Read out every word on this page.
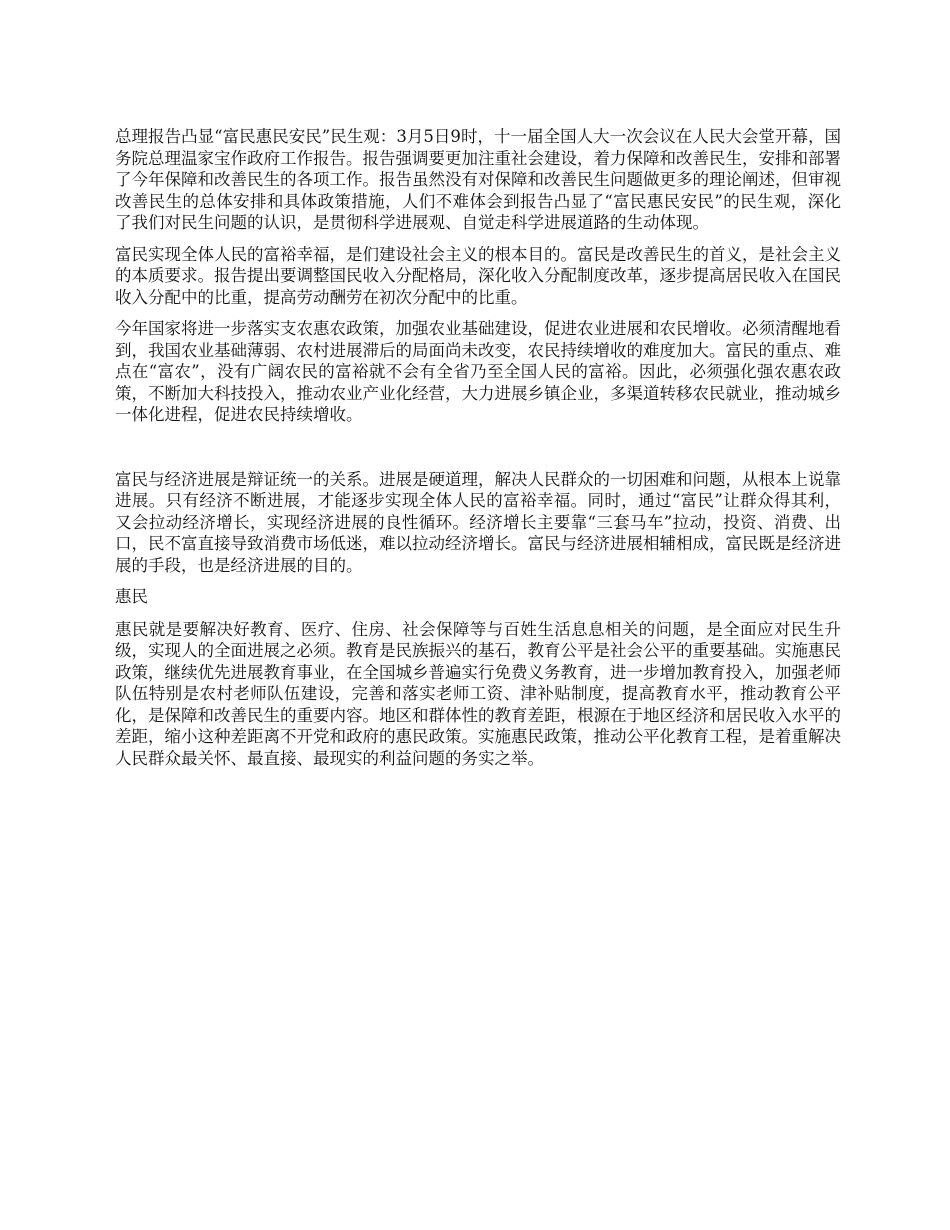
总理报告凸显“富民惠民安民”民生观：3月5日9时，十一届全国人大一次会议在人民大会堂开幕，国务院总理温家宝作政府工作报告。报告强调要更加注重社会建设，着力保障和改善民生，安排和部署了今年保障和改善民生的各项工作。报告虽然没有对保障和改善民生问题做更多的理论阐述，但审视改善民生的总体安排和具体政策措施，人们不难体会到报告凸显了“富民惠民安民”的民生观，深化了我们对民生问题的认识，是贯彻科学进展观、自觉走科学进展道路的生动体现。

富民实现全体人民的富裕幸福，是们建设社会主义的根本目的。富民是改善民生的首义，是社会主义的本质要求。报告提出要调整国民收入分配格局，深化收入分配制度改革，逐步提高居民收入在国民收入分配中的比重，提高劳动酬劳在初次分配中的比重。

今年国家将进一步落实支农惠农政策，加强农业基础建设，促进农业进展和农民增收。必须清醒地看到，我国农业基础薄弱、农村进展滞后的局面尚未改变，农民持续增收的难度加大。富民的重点、难点在“富农”，没有广阔农民的富裕就不会有全省乃至全国人民的富裕。因此，必须强化强农惠农政策，不断加大科技投入，推动农业产业化经营，大力进展乡镇企业，多渠道转移农民就业，推动城乡一体化进程，促进农民持续增收。

富民与经济进展是辩证统一的关系。进展是硬道理，解决人民群众的一切困难和问题，从根本上说靠进展。只有经济不断进展，才能逐步实现全体人民的富裕幸福。同时，通过“富民”让群众得其利，又会拉动经济增长，实现经济进展的良性循环。经济增长主要靠“三套马车”拉动，投资、消费、出口，民不富直接导致消费市场低迷，难以拉动经济增长。富民与经济进展相辅相成，富民既是经济进展的手段，也是经济进展的目的。

惠民

惠民就是要解决好教育、医疗、住房、社会保障等与百姓生活息息相关的问题，是全面应对民生升级，实现人的全面进展之必须。教育是民族振兴的基石，教育公平是社会公平的重要基础。实施惠民政策，继续优先进展教育事业，在全国城乡普遍实行免费义务教育，进一步增加教育投入，加强老师队伍特别是农村老师队伍建设，完善和落实老师工资、津补贴制度，提高教育水平，推动教育公平化，是保障和改善民生的重要内容。地区和群体性的教育差距，根源在于地区经济和居民收入水平的差距，缩小这种差距离不开党和政府的惠民政策。实施惠民政策，推动公平化教育工程，是着重解决人民群众最关怀、最直接、最现实的利益问题的务实之举。
